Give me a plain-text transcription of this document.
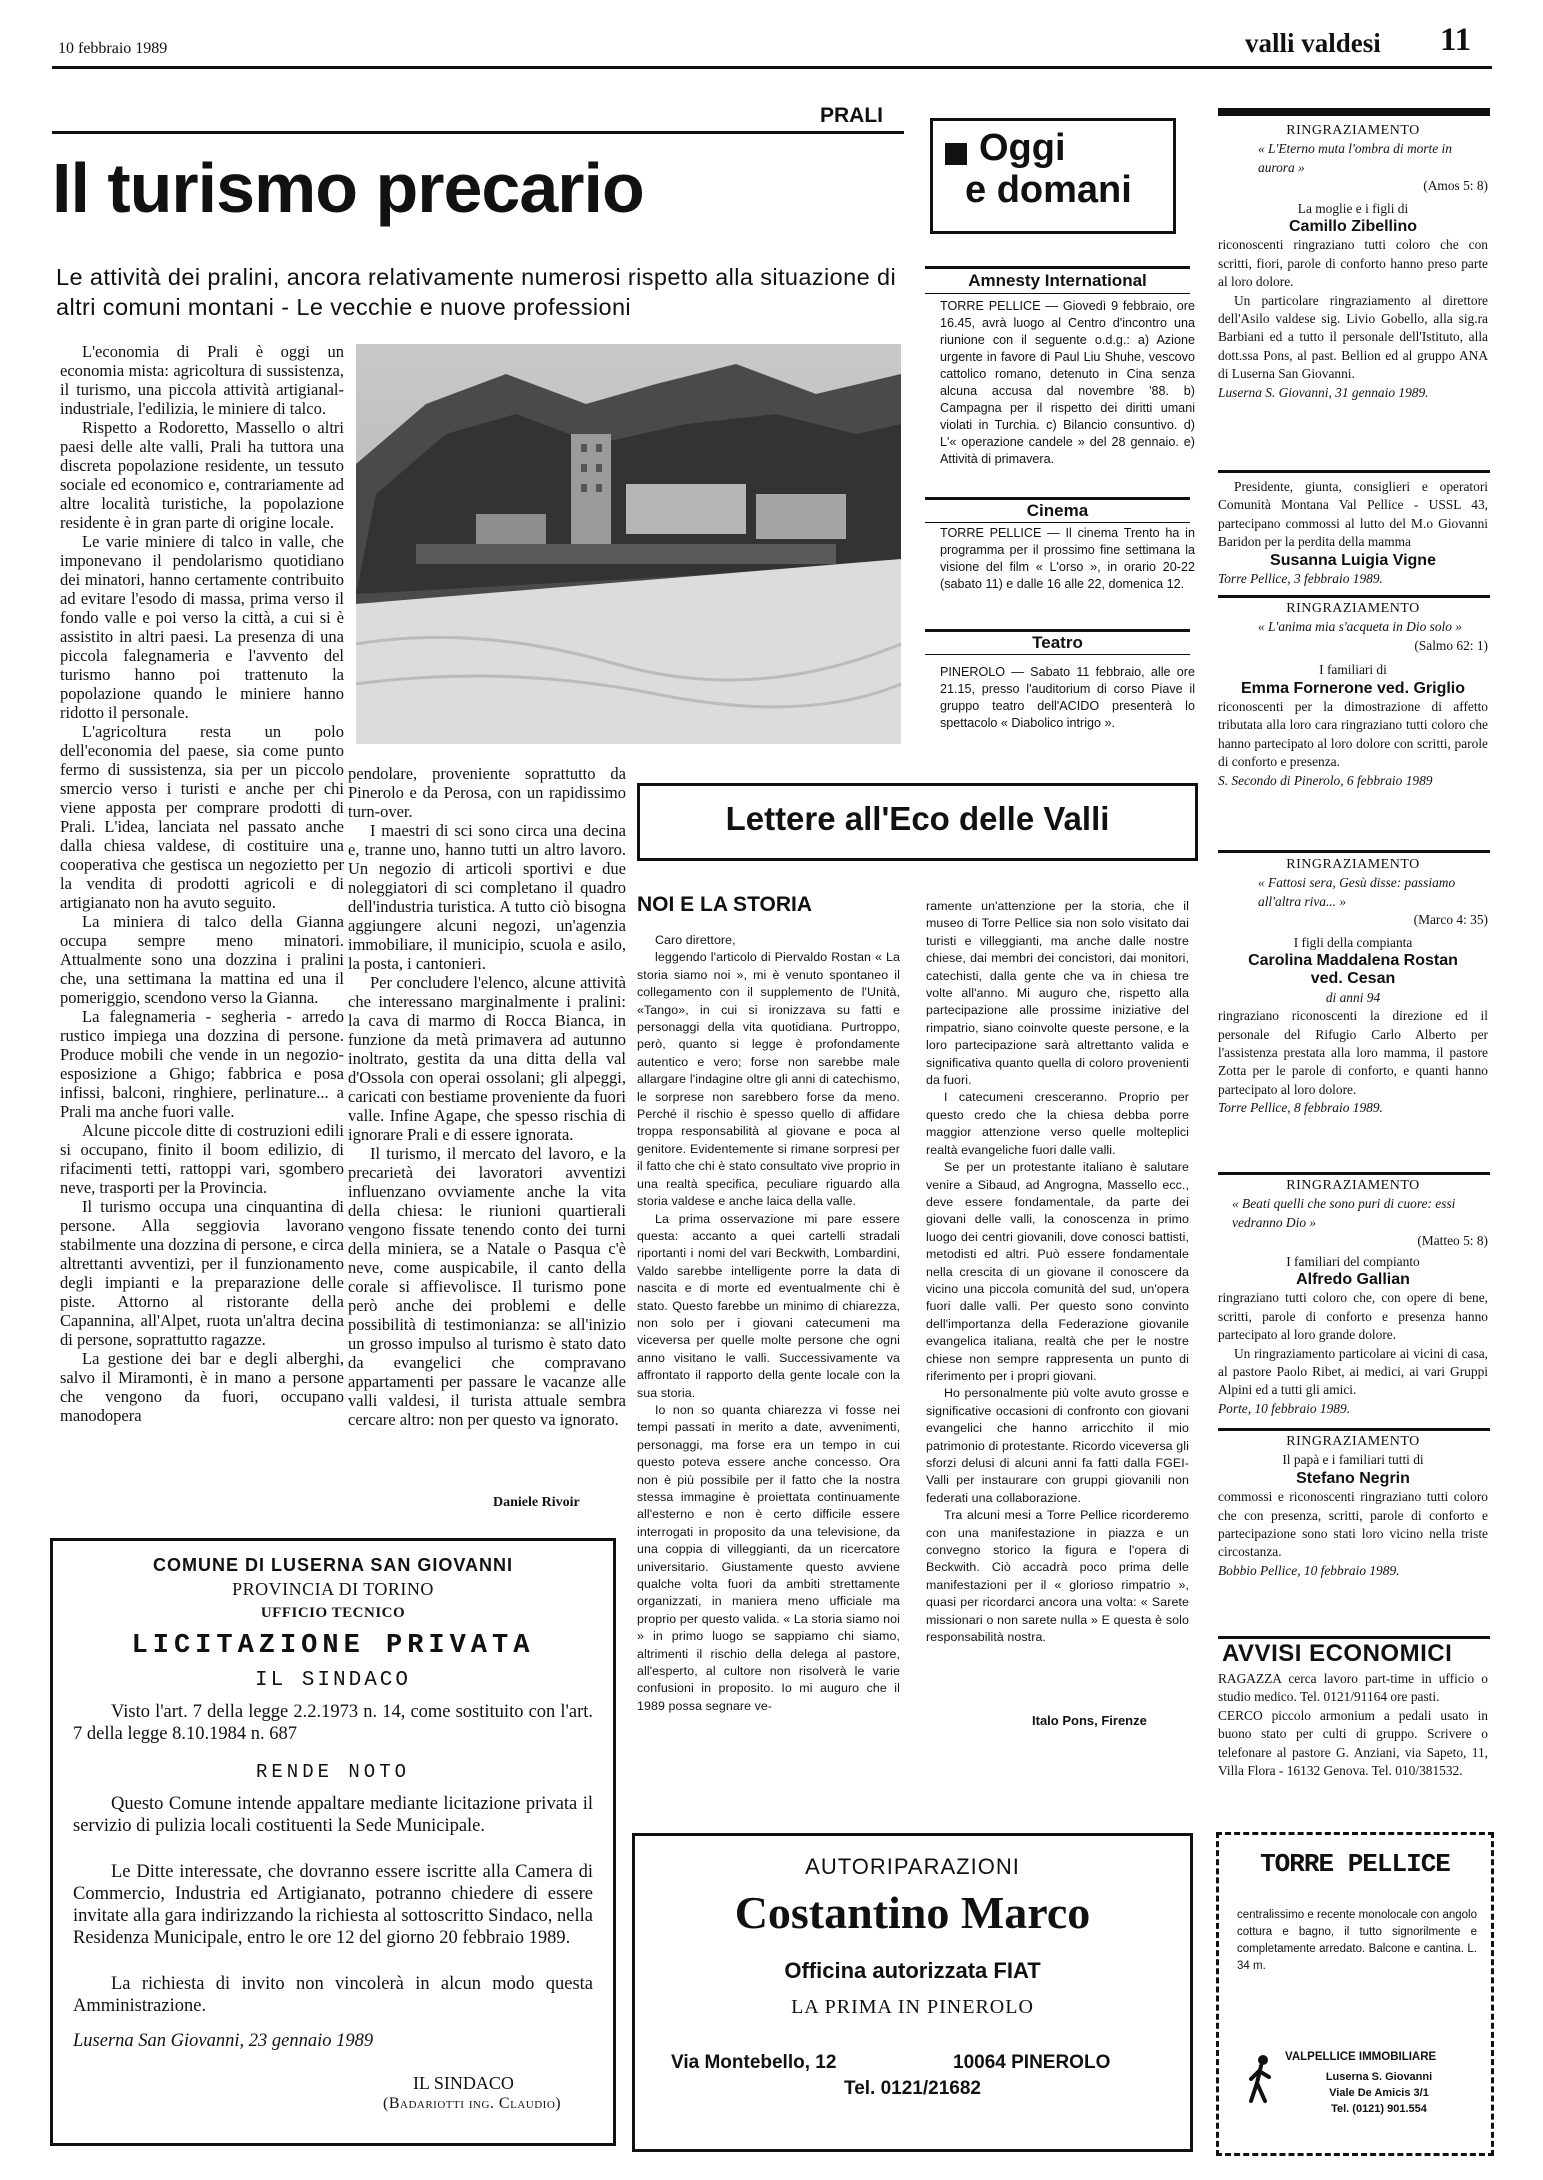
10 febbraio 1989	valli valdesi 11
PRALI
Il turismo precario
Le attività dei pralini, ancora relativamente numerosi rispetto alla situazione di altri comuni montani - Le vecchie e nuove professioni

L'economia di Prali è oggi un economia mista: agricoltura di sussistenza, il turismo, una piccola attività artigianal-industriale, l'edilizia, le miniere di talco.

Rispetto a Rodoretto, Massello o altri paesi delle alte valli, Prali ha tuttora una discreta popolazione residente, un tessuto sociale ed economico e, contrariamente ad altre località turistiche, la popolazione residente è in gran parte di origine locale.

Le varie miniere di talco in valle, che imponevano il pendolarismo quotidiano dei minatori, hanno certamente contribuito ad evitare l'esodo di massa, prima verso il fondo valle e poi verso la città, a cui si è assistito in altri paesi. La presenza di una piccola falegnameria e l'avvento del turismo hanno poi trattenuto la popolazione quando le miniere hanno ridotto il personale.

L'agricoltura resta un polo dell'economia del paese, sia come punto fermo di sussistenza, sia per un piccolo smercio verso i turisti e anche per chi viene apposta per comprare prodotti di Prali. L'idea, lanciata nel passato anche dalla chiesa valdese, di costituire una cooperativa che gestisca un negozietto per la vendita di prodotti agricoli e di artigianato non ha avuto seguito.

La miniera di talco della Gianna occupa sempre meno minatori. Attualmente sono una dozzina i pralini che, una settimana la mattina ed una il pomeriggio, scendono verso la Gianna.

La falegnameria - segheria - arredo rustico impiega una dozzina di persone. Produce mobili che vende in un negozio-esposizione a Ghigo; fabbrica e posa infissi, balconi, ringhiere, perlinature... a Prali ma anche fuori valle.

Alcune piccole ditte di costruzioni edili si occupano, finito il boom edilizio, di rifacimenti tetti, rattoppi vari, sgombero neve, trasporti per la Provincia.

Il turismo occupa una cinquantina di persone. Alla seggiovia lavorano stabilmente una dozzina di persone, e circa altrettanti avventizi, per il funzionamento degli impianti e la preparazione delle piste. Attorno al ristorante della Capannina, all'Alpet, ruota un'altra decina di persone, soprattutto ragazze.

La gestione dei bar e degli alberghi, salvo il Miramonti, è in mano a persone che vengono da fuori, occupano manodopera

pendolare, proveniente soprattutto da Pinerolo e da Perosa, con un rapidissimo turn-over.

I maestri di sci sono circa una decina e, tranne uno, hanno tutti un altro lavoro. Un negozio di articoli sportivi e due noleggiatori di sci completano il quadro dell'industria turistica. A tutto ciò bisogna aggiungere alcuni negozi, un'agenzia immobiliare, il municipio, scuola e asilo, la posta, i cantonieri.

Per concludere l'elenco, alcune attività che interessano marginalmente i pralini: la cava di marmo di Rocca Bianca, in funzione da metà primavera ad autunno inoltrato, gestita da una ditta della val d'Ossola con operai ossolani; gli alpeggi, caricati con bestiame proveniente da fuori valle. Infine Agape, che spesso rischia di ignorare Prali e di essere ignorata.

Il turismo, il mercato del lavoro, e la precarietà dei lavoratori avventizi influenzano ovviamente anche la vita della chiesa: le riunioni quartierali vengono fissate tenendo conto dei turni della miniera, se a Natale o Pasqua c'è neve, come auspicabile, il canto della corale si affievolisce. Il turismo pone però anche dei problemi e delle possibilità di testimonianza: se all'inizio un grosso impulso al turismo è stato dato da evangelici che compravano appartamenti per passare le vacanze alle valli valdesi, il turista attuale sembra cercare altro: non per questo va ignorato.

Daniele Rivoir
Oggi
e domani
Amnesty International
TORRE PELLICE — Giovedì 9 febbraio, ore 16.45, avrà luogo al Centro d'incontro una riunione con il seguente o.d.g.: a) Azione urgente in favore di Paul Liu Shuhe, vescovo cattolico romano, detenuto in Cina senza alcuna accusa dal novembre '88. b) Campagna per il rispetto dei diritti umani violati in Turchia. c) Bilancio consuntivo. d) L'« operazione candele » del 28 gennaio. e) Attività di primavera.
Cinema
TORRE PELLICE — Il cinema Trento ha in programma per il prossimo fine settimana la visione del film « L'orso », in orario 20-22 (sabato 11) e dalle 16 alle 22, domenica 12.
Teatro
PINEROLO — Sabato 11 febbraio, alle ore 21.15, presso l'auditorium di corso Piave il gruppo teatro dell'ACIDO presenterà lo spettacolo « Diabolico intrigo ».
Lettere all'Eco delle Valli
NOI E LA STORIA

Caro direttore,

leggendo l'articolo di Piervaldo Rostan « La storia siamo noi », mi è venuto spontaneo il collegamento con il supplemento de l'Unità, «Tango», in cui si ironizzava su fatti e personaggi della vita quotidiana. Purtroppo, però, quanto si legge è profondamente autentico e vero; forse non sarebbe male allargare l'indagine oltre gli anni di catechismo, le sorprese non sarebbero forse da meno. Perché il rischio è spesso quello di affidare troppa responsabilità al giovane e poca al genitore. Evidentemente si rimane sorpresi per il fatto che chi è stato consultato vive proprio in una realtà specifica, peculiare riguardo alla storia valdese e anche laica della valle.

La prima osservazione mi pare essere questa: accanto a quei cartelli stradali riportanti i nomi del vari Beckwith, Lombardini, Valdo sarebbe intelligente porre la data di nascita e di morte ed eventualmente chi è stato. Questo farebbe un minimo di chiarezza, non solo per i giovani catecumeni ma viceversa per quelle molte persone che ogni anno visitano le valli. Successivamente va affrontato il rapporto della gente locale con la sua storia.

Io non so quanta chiarezza vi fosse nei tempi passati in merito a date, avvenimenti, personaggi, ma forse era un tempo in cui questo poteva essere anche concesso. Ora non è più possibile per il fatto che la nostra stessa immagine è proiettata continuamente all'esterno e non è certo difficile essere interrogati in proposito da una televisione, da una coppia di villeggianti, da un ricercatore universitario. Giustamente questo avviene qualche volta fuori da ambiti strettamente organizzati, in maniera meno ufficiale ma proprio per questo valida. « La storia siamo noi » in primo luogo se sappiamo chi siamo, altrimenti il rischio della delega al pastore, all'esperto, al cultore non risolverà le varie confusioni in proposito. Io mi auguro che il 1989 possa segnare ve-

ramente un'attenzione per la storia, che il museo di Torre Pellice sia non solo visitato dai turisti e villeggianti, ma anche dalle nostre chiese, dai membri dei concistori, dai monitori, catechisti, dalla gente che va in chiesa tre volte all'anno. Mi auguro che, rispetto alla partecipazione alle prossime iniziative del rimpatrio, siano coinvolte queste persone, e la loro partecipazione sarà altrettanto valida e significativa quanto quella di coloro provenienti da fuori.

I catecumeni cresceranno. Proprio per questo credo che la chiesa debba porre maggior attenzione verso quelle molteplici realtà evangeliche fuori dalle valli.

Se per un protestante italiano è salutare venire a Sibaud, ad Angrogna, Massello ecc., deve essere fondamentale, da parte dei giovani delle valli, la conoscenza in primo luogo dei centri giovanili, dove conosci battisti, metodisti ed altri. Può essere fondamentale nella crescita di un giovane il conoscere da vicino una piccola comunità del sud, un'opera fuori dalle valli. Per questo sono convinto dell'importanza della Federazione giovanile evangelica italiana, realtà che per le nostre chiese non sempre rappresenta un punto di riferimento per i propri giovani.

Ho personalmente più volte avuto grosse e significative occasioni di confronto con giovani evangelici che hanno arricchito il mio patrimonio di protestante. Ricordo viceversa gli sforzi delusi di alcuni anni fa fatti dalla FGEI-Valli per instaurare con gruppi giovanili non federati una collaborazione.

Tra alcuni mesi a Torre Pellice ricorderemo con una manifestazione in piazza e un convegno storico la figura e l'opera di Beckwith. Ciò accadrà poco prima delle manifestazioni per il « glorioso rimpatrio », quasi per ricordarci ancora una volta: « Sarete missionari o non sarete nulla » E questa è solo responsabilità nostra.

Italo Pons, Firenze
COMUNE DI LUSERNA SAN GIOVANNI
PROVINCIA DI TORINO
UFFICIO TECNICO
LICITAZIONE PRIVATA
IL SINDACO
Visto l'art. 7 della legge 2.2.1973 n. 14, come sostituito con l'art. 7 della legge 8.10.1984 n. 687
RENDE NOTO
Questo Comune intende appaltare mediante licitazione privata il servizio di pulizia locali costituenti la Sede Municipale.
Le Ditte interessate, che dovranno essere iscritte alla Camera di Commercio, Industria ed Artigianato, potranno chiedere di essere invitate alla gara indirizzando la richiesta al sottoscritto Sindaco, nella Residenza Municipale, entro le ore 12 del giorno 20 febbraio 1989.
La richiesta di invito non vincolerà in alcun modo questa Amministrazione.
Luserna San Giovanni, 23 gennaio 1989
IL SINDACO
(Badariotti ing. Claudio)
AUTORIPARAZIONI
Costantino Marco
Officina autorizzata FIAT
LA PRIMA IN PINEROLO
Via Montebello, 12	10064 PINEROLO
Tel. 0121/21682
RINGRAZIAMENTO
« L'Eterno muta l'ombra di morte in aurora »
(Amos 5: 8)
La moglie e i figli di
Camillo Zibellino
riconoscenti ringraziano tutti coloro che con scritti, fiori, parole di conforto hanno preso parte al loro dolore.
Un particolare ringraziamento al direttore dell'Asilo valdese sig. Livio Gobello, alla sig.ra Barbiani ed a tutto il personale dell'Istituto, alla dott.ssa Pons, al past. Bellion ed al gruppo ANA di Luserna San Giovanni.
Luserna S. Giovanni, 31 gennaio 1989.
Presidente, giunta, consiglieri e operatori Comunità Montana Val Pellice - USSL 43, partecipano commossi al lutto del M.o Giovanni Baridon per la perdita della mamma
Susanna Luigia Vigne
Torre Pellice, 3 febbraio 1989.
RINGRAZIAMENTO
« L'anima mia s'acqueta in Dio solo »
(Salmo 62: 1)
I familiari di
Emma Fornerone ved. Griglio
riconoscenti per la dimostrazione di affetto tributata alla loro cara ringraziano tutti coloro che hanno partecipato al loro dolore con scritti, parole di conforto e presenza.
S. Secondo di Pinerolo, 6 febbraio 1989
RINGRAZIAMENTO
« Fattosi sera, Gesù disse: passiamo all'altra riva... »
(Marco 4: 35)
I figli della compianta
Carolina Maddalena Rostan
ved. Cesan
di anni 94
ringraziano riconoscenti la direzione ed il personale del Rifugio Carlo Alberto per l'assistenza prestata alla loro mamma, il pastore Zotta per le parole di conforto, e quanti hanno partecipato al loro dolore.
Torre Pellice, 8 febbraio 1989.
RINGRAZIAMENTO
« Beati quelli che sono puri di cuore: essi vedranno Dio »
(Matteo 5: 8)
I familiari del compianto
Alfredo Gallian
ringraziano tutti coloro che, con opere di bene, scritti, parole di conforto e presenza hanno partecipato al loro grande dolore.
Un ringraziamento particolare ai vicini di casa, al pastore Paolo Ribet, ai medici, ai vari Gruppi Alpini ed a tutti gli amici.
Porte, 10 febbraio 1989.
RINGRAZIAMENTO
Il papà e i familiari tutti di
Stefano Negrin
commossi e riconoscenti ringraziano tutti coloro che con presenza, scritti, parole di conforto e partecipazione sono stati loro vicino nella triste circostanza.
Bobbio Pellice, 10 febbraio 1989.
AVVISI ECONOMICI
RAGAZZA cerca lavoro part-time in ufficio o studio medico. Tel. 0121/91164 ore pasti.
CERCO piccolo armonium a pedali usato in buono stato per culti di gruppo. Scrivere o telefonare al pastore G. Anziani, via Sapeto, 11, Villa Flora - 16132 Genova. Tel. 010/381532.
TORRE PELLICE
centralissimo e recente monolocale con angolo cottura e bagno, il tutto signorilmente e completamente arredato. Balcone e cantina. L. 34 m.
VALPELLICE IMMOBILIARE
Luserna S. Giovanni
Viale De Amicis 3/1
Tel. (0121) 901.554
